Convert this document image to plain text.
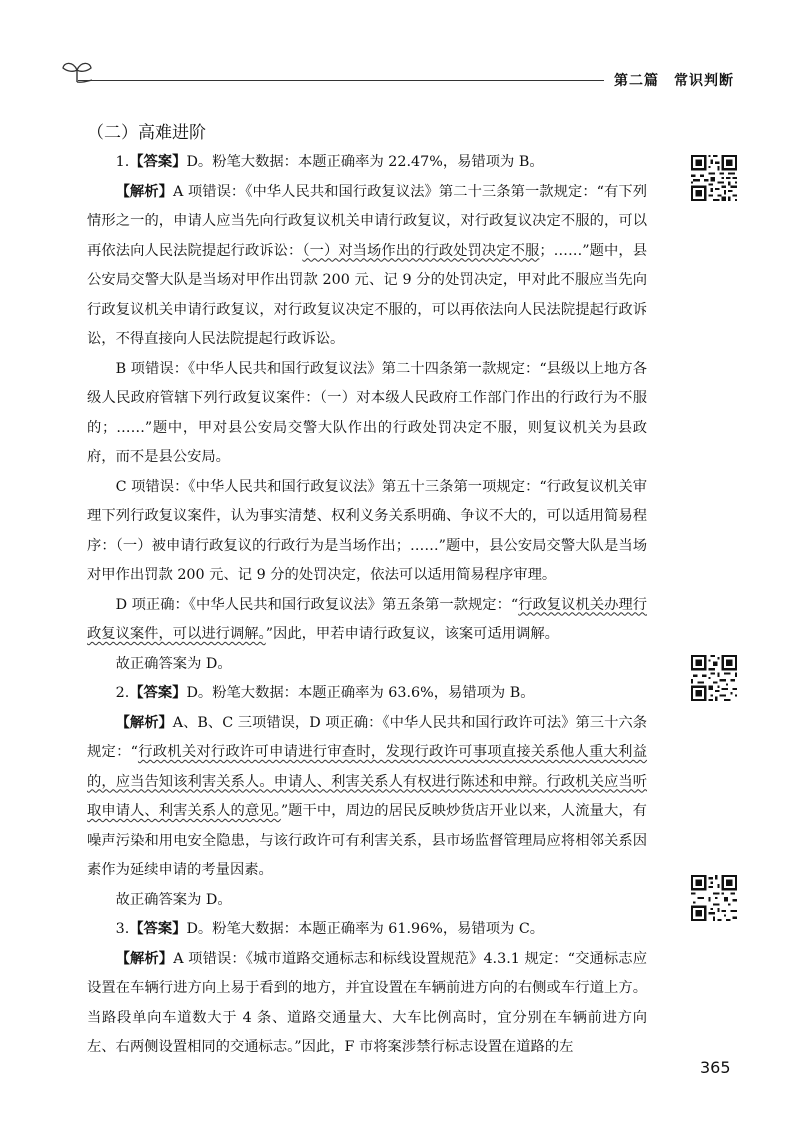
第二篇　常识判断
（二）高难进阶

1.【答案】D。粉笔大数据：本题正确率为 22.47%，易错项为 B。

【解析】A 项错误：《中华人民共和国行政复议法》第二十三条第一款规定：“有下列情形之一的，申请人应当先向行政复议机关申请行政复议，对行政复议决定不服的，可以再依法向人民法院提起行政诉讼：（一）对当场作出的行政处罚决定不服；……”题中，县公安局交警大队是当场对甲作出罚款 200 元、记 9 分的处罚决定，甲对此不服应当先向行政复议机关申请行政复议，对行政复议决定不服的，可以再依法向人民法院提起行政诉讼，不得直接向人民法院提起行政诉讼。

B 项错误：《中华人民共和国行政复议法》第二十四条第一款规定：“县级以上地方各级人民政府管辖下列行政复议案件：（一）对本级人民政府工作部门作出的行政行为不服的；……”题中，甲对县公安局交警大队作出的行政处罚决定不服，则复议机关为县政府，而不是县公安局。

C 项错误：《中华人民共和国行政复议法》第五十三条第一项规定：“行政复议机关审理下列行政复议案件，认为事实清楚、权利义务关系明确、争议不大的，可以适用简易程序：（一）被申请行政复议的行政行为是当场作出；……”题中，县公安局交警大队是当场对甲作出罚款 200 元、记 9 分的处罚决定，依法可以适用简易程序审理。

D 项正确：《中华人民共和国行政复议法》第五条第一款规定：“行政复议机关办理行政复议案件，可以进行调解。”因此，甲若申请行政复议，该案可适用调解。

故正确答案为 D。

2.【答案】D。粉笔大数据：本题正确率为 63.6%，易错项为 B。

【解析】A、B、C 三项错误，D 项正确：《中华人民共和国行政许可法》第三十六条规定：“行政机关对行政许可申请进行审查时，发现行政许可事项直接关系他人重大利益的，应当告知该利害关系人。申请人、利害关系人有权进行陈述和申辩。行政机关应当听取申请人、利害关系人的意见。”题干中，周边的居民反映炒货店开业以来，人流量大，有噪声污染和用电安全隐患，与该行政许可有利害关系，县市场监督管理局应将相邻关系因素作为延续申请的考量因素。

故正确答案为 D。

3.【答案】D。粉笔大数据：本题正确率为 61.96%，易错项为 C。

【解析】A 项错误：《城市道路交通标志和标线设置规范》4.3.1 规定：“交通标志应设置在车辆行进方向上易于看到的地方，并宜设置在车辆前进方向的右侧或车行道上方。当路段单向车道数大于 4 条、道路交通量大、大车比例高时，宜分别在车辆前进方向左、右两侧设置相同的交通标志。”因此，F 市将案涉禁行标志设置在道路的左

365
